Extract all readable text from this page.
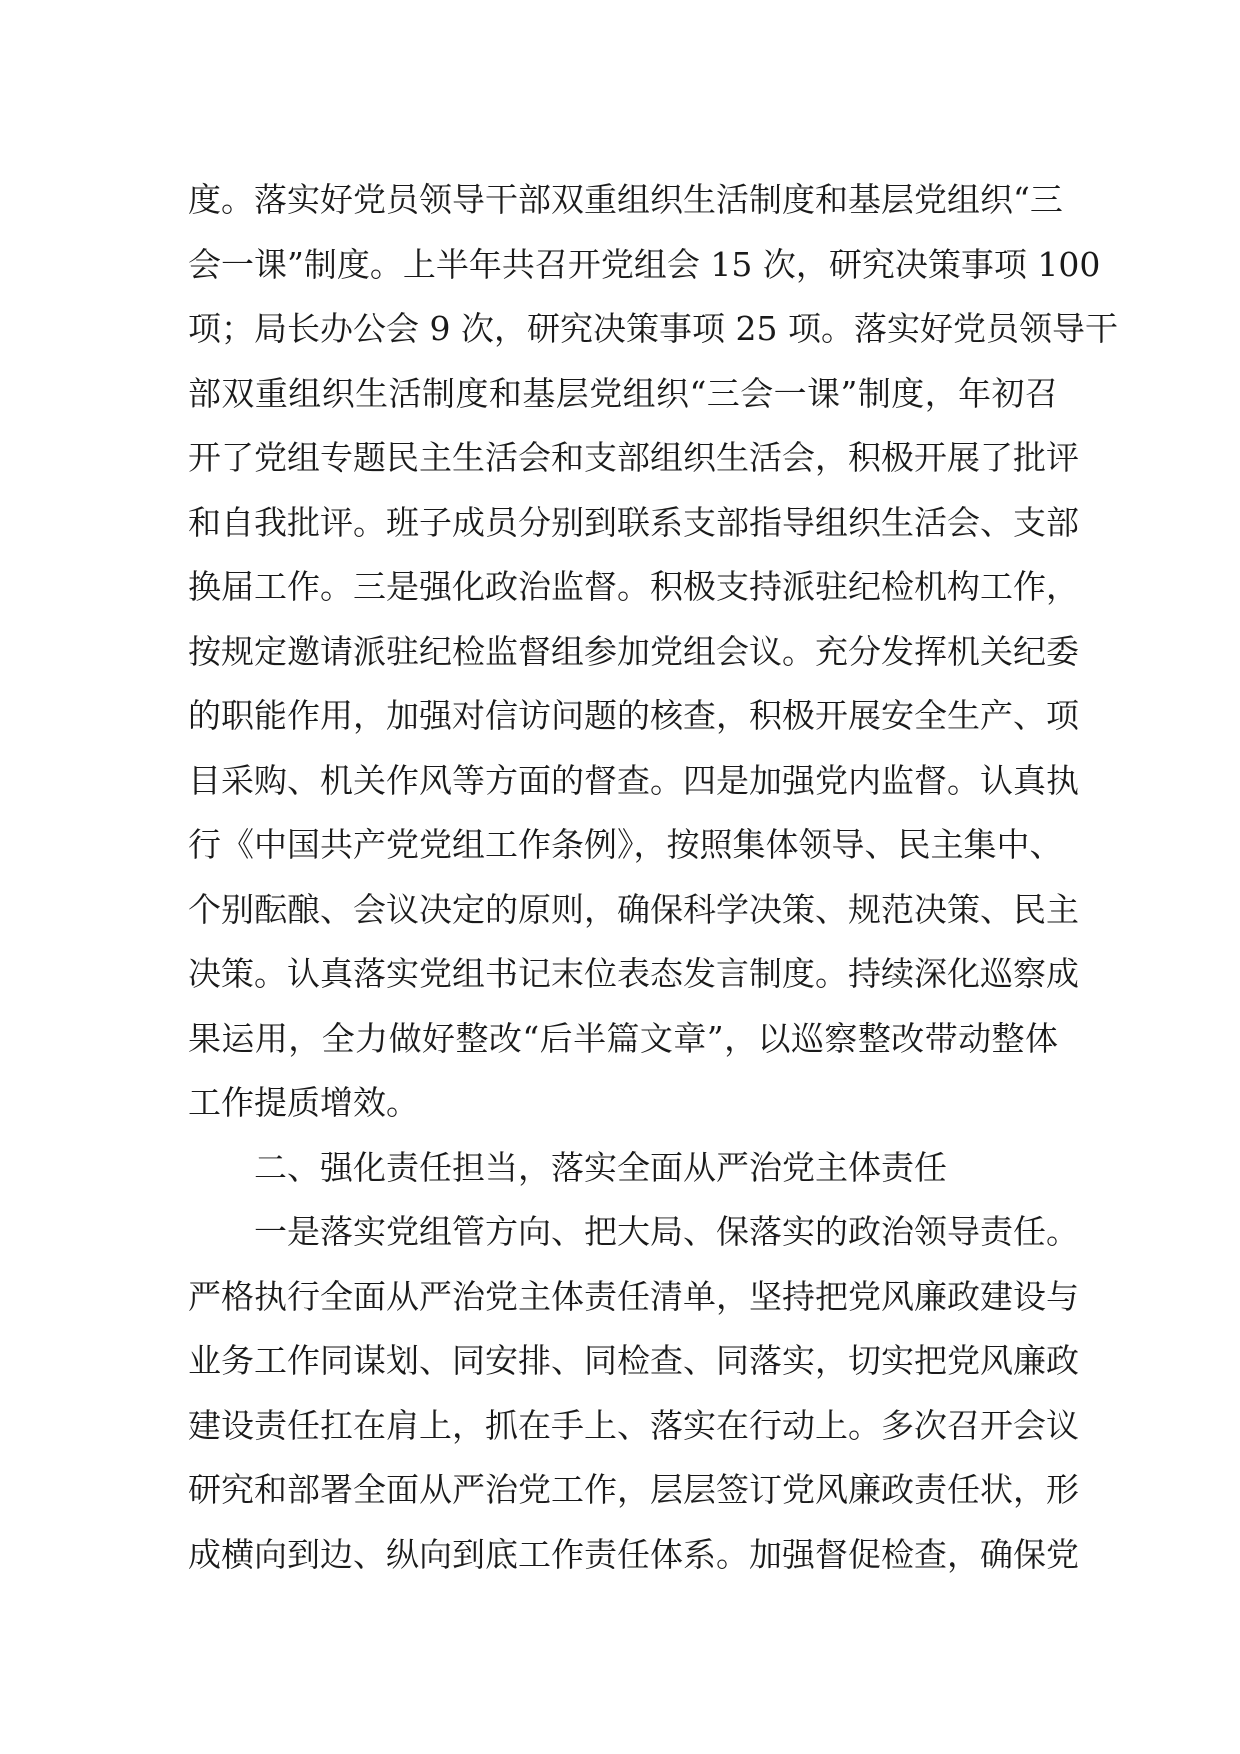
度。落实好党员领导干部双重组织生活制度和基层党组织“三
会一课”制度。上半年共召开党组会 15 次，研究决策事项 100
项；局长办公会 9 次，研究决策事项 25 项。落实好党员领导干
部双重组织生活制度和基层党组织“三会一课”制度，年初召
开了党组专题民主生活会和支部组织生活会，积极开展了批评
和自我批评。班子成员分别到联系支部指导组织生活会、支部
换届工作。三是强化政治监督。积极支持派驻纪检机构工作，
按规定邀请派驻纪检监督组参加党组会议。充分发挥机关纪委
的职能作用，加强对信访问题的核查，积极开展安全生产、项
目采购、机关作风等方面的督查。四是加强党内监督。认真执
行《中国共产党党组工作条例》，按照集体领导、民主集中、
个别酝酿、会议决定的原则，确保科学决策、规范决策、民主
决策。认真落实党组书记末位表态发言制度。持续深化巡察成
果运用，全力做好整改“后半篇文章”，以巡察整改带动整体
工作提质增效。
二、强化责任担当，落实全面从严治党主体责任
一是落实党组管方向、把大局、保落实的政治领导责任。
严格执行全面从严治党主体责任清单，坚持把党风廉政建设与
业务工作同谋划、同安排、同检查、同落实，切实把党风廉政
建设责任扛在肩上，抓在手上、落实在行动上。多次召开会议
研究和部署全面从严治党工作，层层签订党风廉政责任状，形
成横向到边、纵向到底工作责任体系。加强督促检查，确保党
